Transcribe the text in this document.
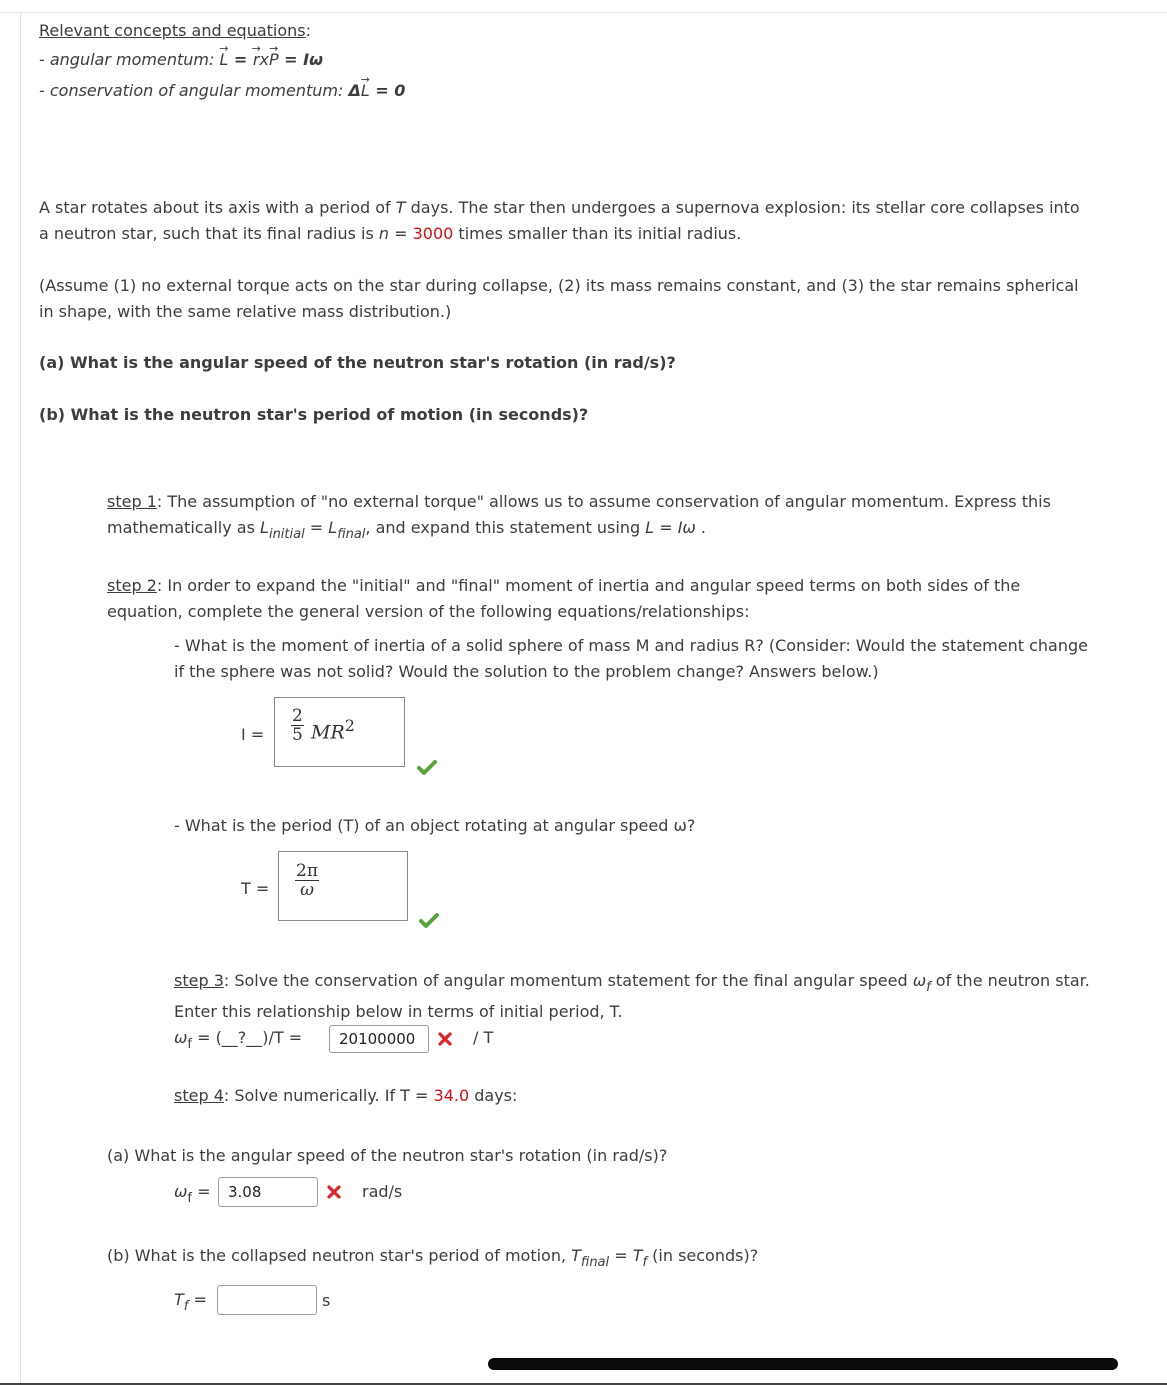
Relevant concepts and equations:
- angular momentum: → L = → rx→ P = Iω
- conservation of angular momentum: Δ→ L = 0
A star rotates about its axis with a period of T days. The star then undergoes a supernova explosion: its stellar core collapses into
a neutron star, such that its final radius is n = 3000 times smaller than its initial radius.
(Assume (1) no external torque acts on the star during collapse, (2) its mass remains constant, and (3) the star remains spherical
in shape, with the same relative mass distribution.)
(a) What is the angular speed of the neutron star's rotation (in rad/s)?
(b) What is the neutron star's period of motion (in seconds)?
step 1: The assumption of "no external torque" allows us to assume conservation of angular momentum. Express this
mathematically as $L_{initial} = L_{final}$, and expand this statement using L = Iω .
step 2: In order to expand the "initial" and "final" moment of inertia and angular speed terms on both sides of the
equation, complete the general version of the following equations/relationships:
- What is the moment of inertia of a solid sphere of mass M and radius R? (Consider: Would the statement change
if the sphere was not solid? Would the solution to the problem change? Answers below.)
$I = \frac{2}{5} MR^2$
- What is the period (T) of an object rotating at angular speed ω?
$T = \frac{2\pi}{\omega}$
step 3: Solve the conservation of angular momentum statement for the final angular speed $\omega_f$ of the neutron star.
Enter this relationship below in terms of initial period, T.
$\omega_f$ = (__?__)/T =	20100000	/ T
step 4: Solve numerically. If T = 34.0 days:
(a) What is the angular speed of the neutron star's rotation (in rad/s)?
$\omega_f$ =	3.08	rad/s
(b) What is the collapsed neutron star's period of motion, $T_{final} = T_f$ (in seconds)?
$T_f$ =	s
